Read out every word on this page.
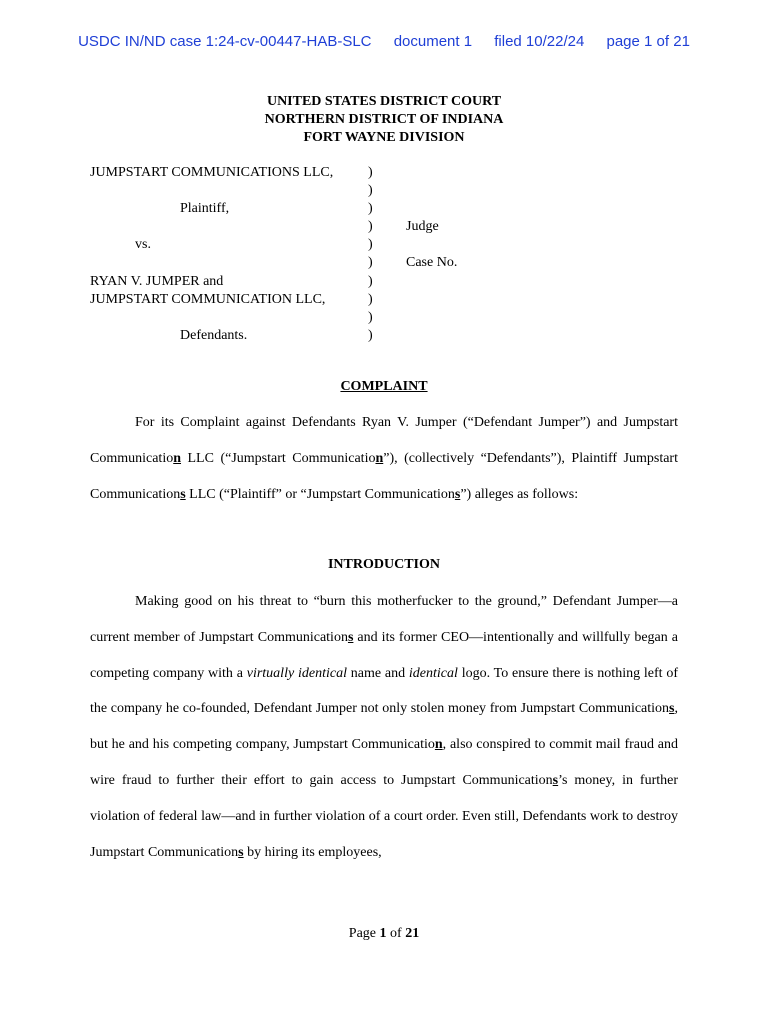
USDC IN/ND case 1:24-cv-00447-HAB-SLC document 1 filed 10/22/24 page 1 of 21
UNITED STATES DISTRICT COURT
NORTHERN DISTRICT OF INDIANA
FORT WAYNE DIVISION
JUMPSTART COMMUNICATIONS LLC,
Plaintiff,
vs.
RYAN V. JUMPER and
JUMPSTART COMMUNICATION LLC,
Defendants.
)
)
)
)
)
)
)
)
)
)
Judge
Case No.
COMPLAINT
For its Complaint against Defendants Ryan V. Jumper (“Defendant Jumper”) and Jumpstart Communication LLC (“Jumpstart Communication”), (collectively “Defendants”), Plaintiff Jumpstart Communications LLC (“Plaintiff” or “Jumpstart Communications”) alleges as follows:
INTRODUCTION
Making good on his threat to “burn this motherfucker to the ground,” Defendant Jumper—a current member of Jumpstart Communications and its former CEO—intentionally and willfully began a competing company with a virtually identical name and identical logo. To ensure there is nothing left of the company he co-founded, Defendant Jumper not only stolen money from Jumpstart Communications, but he and his competing company, Jumpstart Communication, also conspired to commit mail fraud and wire fraud to further their effort to gain access to Jumpstart Communications’s money, in further violation of federal law—and in further violation of a court order. Even still, Defendants work to destroy Jumpstart Communications by hiring its employees,
Page 1 of 21
